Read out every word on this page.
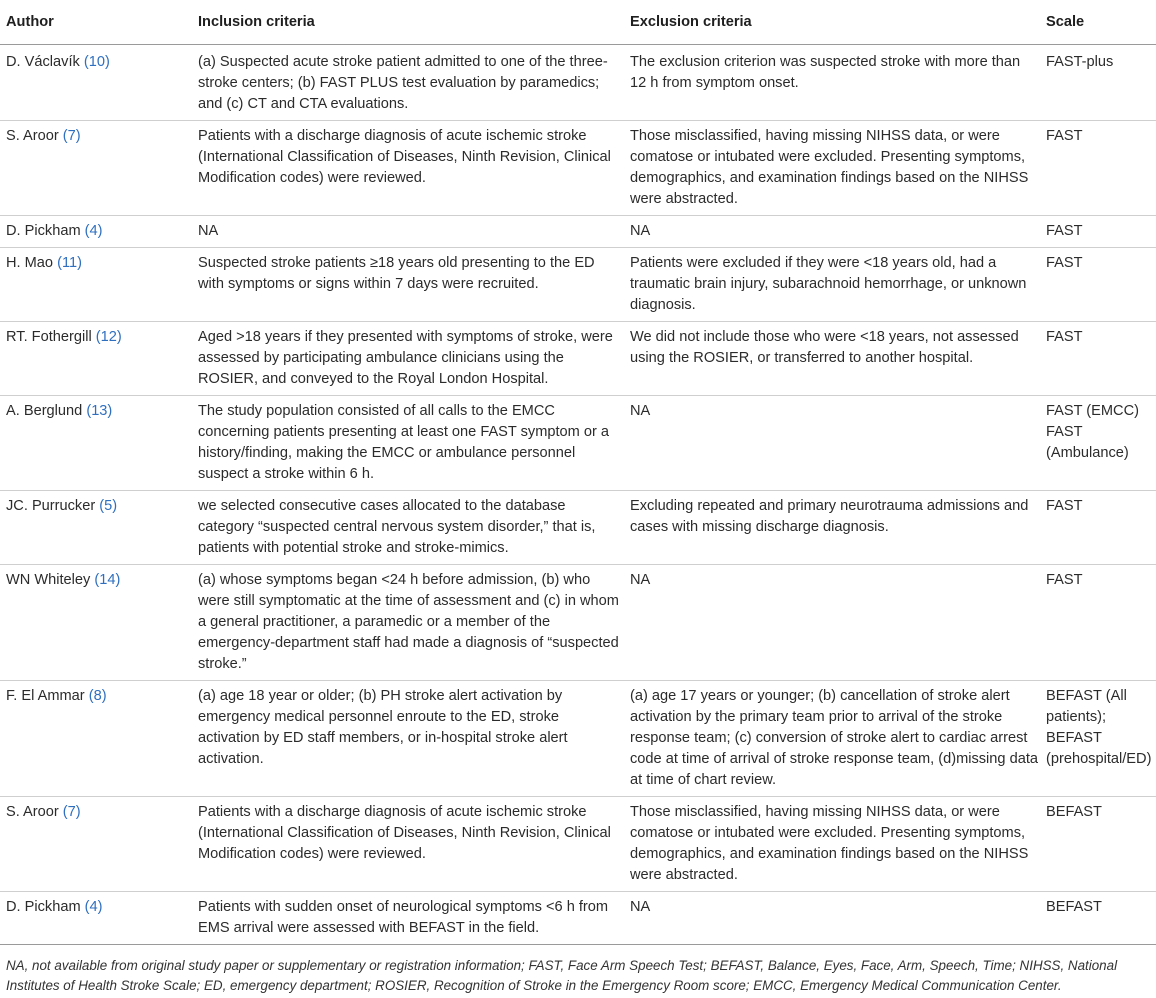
Author	Inclusion criteria	Exclusion criteria	Scale
D. Václavík (10)	(a) Suspected acute stroke patient admitted to one of the three-stroke centers; (b) FAST PLUS test evaluation by paramedics; and (c) CT and CTA evaluations.	The exclusion criterion was suspected stroke with more than 12 h from symptom onset.	FAST-plus
S. Aroor (7)	Patients with a discharge diagnosis of acute ischemic stroke (International Classification of Diseases, Ninth Revision, Clinical Modification codes) were reviewed.	Those misclassified, having missing NIHSS data, or were comatose or intubated were excluded. Presenting symptoms, demographics, and examination findings based on the NIHSS were abstracted.	FAST
D. Pickham (4)	NA	NA	FAST
H. Mao (11)	Suspected stroke patients ≥18 years old presenting to the ED with symptoms or signs within 7 days were recruited.	Patients were excluded if they were <18 years old, had a traumatic brain injury, subarachnoid hemorrhage, or unknown diagnosis.	FAST
RT. Fothergill (12)	Aged >18 years if they presented with symptoms of stroke, were assessed by participating ambulance clinicians using the ROSIER, and conveyed to the Royal London Hospital.	We did not include those who were <18 years, not assessed using the ROSIER, or transferred to another hospital.	FAST
A. Berglund (13)	The study population consisted of all calls to the EMCC concerning patients presenting at least one FAST symptom or a history/finding, making the EMCC or ambulance personnel suspect a stroke within 6 h.	NA	FAST (EMCC) FAST (Ambulance)
JC. Purrucker (5)	we selected consecutive cases allocated to the database category “suspected central nervous system disorder,” that is, patients with potential stroke and stroke-mimics.	Excluding repeated and primary neurotrauma admissions and cases with missing discharge diagnosis.	FAST
WN Whiteley (14)	(a) whose symptoms began <24 h before admission, (b) who were still symptomatic at the time of assessment and (c) in whom a general practitioner, a paramedic or a member of the emergency-department staff had made a diagnosis of “suspected stroke.”	NA	FAST
F. El Ammar (8)	(a) age 18 year or older; (b) PH stroke alert activation by emergency medical personnel enroute to the ED, stroke activation by ED staff members, or in-hospital stroke alert activation.	(a) age 17 years or younger; (b) cancellation of stroke alert activation by the primary team prior to arrival of the stroke response team; (c) conversion of stroke alert to cardiac arrest code at time of arrival of stroke response team, (d)missing data at time of chart review.	BEFAST (All patients); BEFAST (prehospital/ED)
S. Aroor (7)	Patients with a discharge diagnosis of acute ischemic stroke (International Classification of Diseases, Ninth Revision, Clinical Modification codes) were reviewed.	Those misclassified, having missing NIHSS data, or were comatose or intubated were excluded. Presenting symptoms, demographics, and examination findings based on the NIHSS were abstracted.	BEFAST
D. Pickham (4)	Patients with sudden onset of neurological symptoms <6 h from EMS arrival were assessed with BEFAST in the field.	NA	BEFAST
NA, not available from original study paper or supplementary or registration information; FAST, Face Arm Speech Test; BEFAST, Balance, Eyes, Face, Arm, Speech, Time; NIHSS, National Institutes of Health Stroke Scale; ED, emergency department; ROSIER, Recognition of Stroke in the Emergency Room score; EMCC, Emergency Medical Communication Center.
